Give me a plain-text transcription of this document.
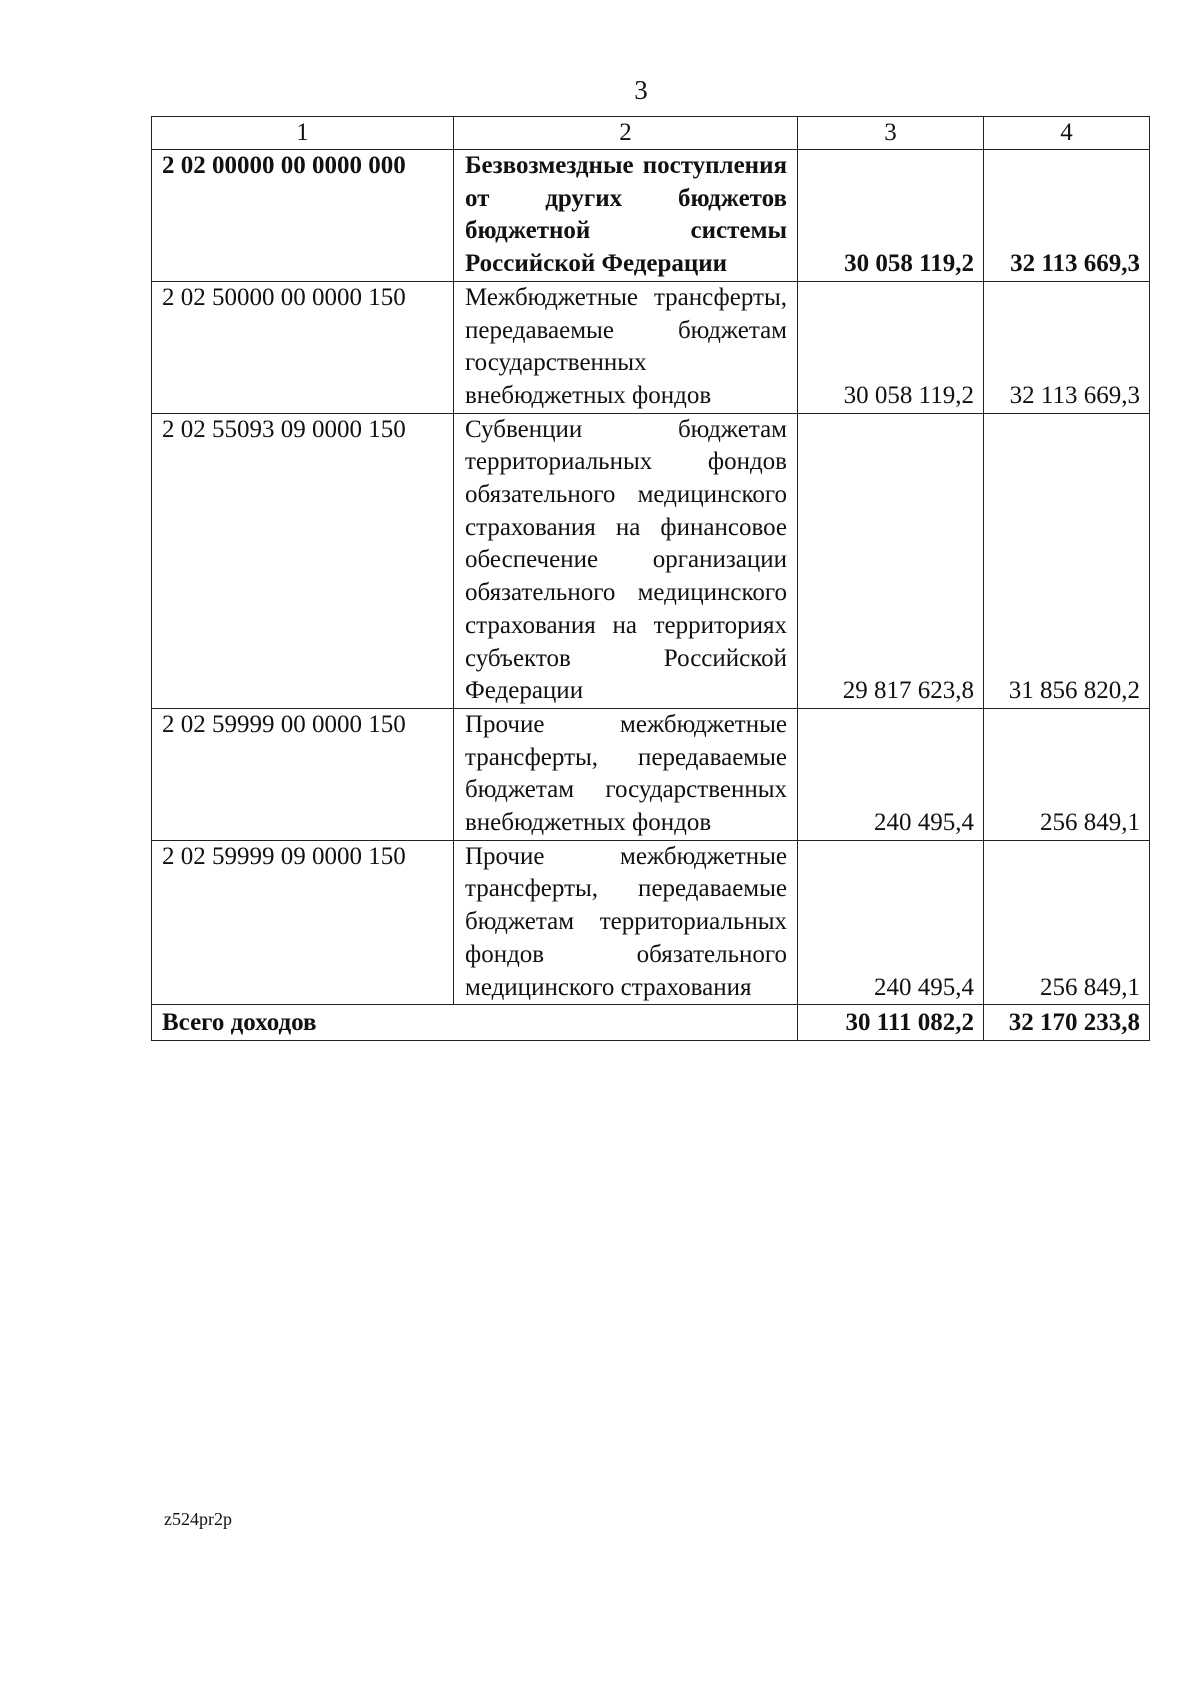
3
1	2	3	4
2 02 00000 00 0000 000	Безвозмездные поступления от других бюджетов бюджетной системы Российской Федерации	30 058 119,2	32 113 669,3
2 02 50000 00 0000 150	Межбюджетные трансферты, передаваемые бюджетам государственных внебюджетных фондов	30 058 119,2	32 113 669,3
2 02 55093 09 0000 150	Субвенции бюджетам территориальных фондов обязательного медицинского страхования на финансовое обеспечение организации обязательного медицинского страхования на территориях субъектов Российской Федерации	29 817 623,8	31 856 820,2
2 02 59999 00 0000 150	Прочие межбюджетные трансферты, передаваемые бюджетам государственных внебюджетных фондов	240 495,4	256 849,1
2 02 59999 09 0000 150	Прочие межбюджетные трансферты, передаваемые бюджетам территориальных фондов обязательного медицинского страхования	240 495,4	256 849,1
Всего доходов		30 111 082,2	32 170 233,8
z524pr2p
